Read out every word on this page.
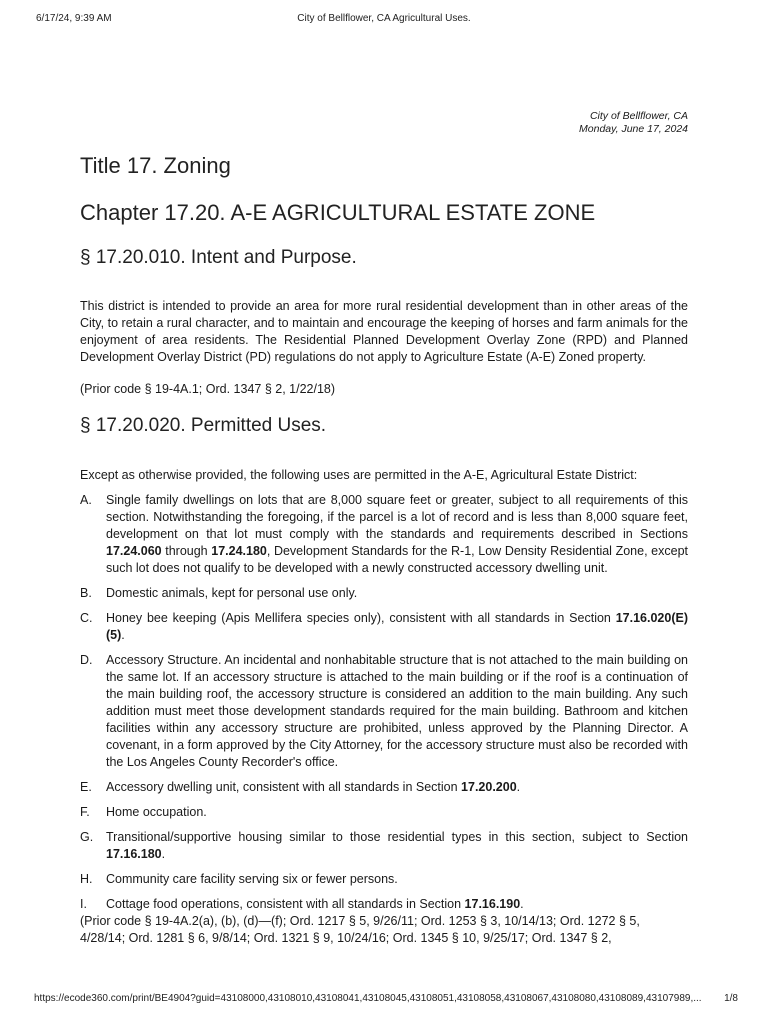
6/17/24, 9:39 AM	City of Bellflower, CA Agricultural Uses.
City of Bellflower, CA
Monday, June 17, 2024
Title 17. Zoning
Chapter 17.20. A-E AGRICULTURAL ESTATE ZONE
§ 17.20.010. Intent and Purpose.
This district is intended to provide an area for more rural residential development than in other areas of the City, to retain a rural character, and to maintain and encourage the keeping of horses and farm animals for the enjoyment of area residents. The Residential Planned Development Overlay Zone (RPD) and Planned Development Overlay District (PD) regulations do not apply to Agriculture Estate (A-E) Zoned property.
(Prior code § 19-4A.1; Ord. 1347 § 2, 1/22/18)
§ 17.20.020. Permitted Uses.
Except as otherwise provided, the following uses are permitted in the A-E, Agricultural Estate District:
A. Single family dwellings on lots that are 8,000 square feet or greater, subject to all requirements of this section. Notwithstanding the foregoing, if the parcel is a lot of record and is less than 8,000 square feet, development on that lot must comply with the standards and requirements described in Sections 17.24.060 through 17.24.180, Development Standards for the R-1, Low Density Residential Zone, except such lot does not qualify to be developed with a newly constructed accessory dwelling unit.
B. Domestic animals, kept for personal use only.
C. Honey bee keeping (Apis Mellifera species only), consistent with all standards in Section 17.16.020(E)(5).
D. Accessory Structure. An incidental and nonhabitable structure that is not attached to the main building on the same lot. If an accessory structure is attached to the main building or if the roof is a continuation of the main building roof, the accessory structure is considered an addition to the main building. Any such addition must meet those development standards required for the main building. Bathroom and kitchen facilities within any accessory structure are prohibited, unless approved by the Planning Director. A covenant, in a form approved by the City Attorney, for the accessory structure must also be recorded with the Los Angeles County Recorder's office.
E. Accessory dwelling unit, consistent with all standards in Section 17.20.200.
F. Home occupation.
G. Transitional/supportive housing similar to those residential types in this section, subject to Section 17.16.180.
H. Community care facility serving six or fewer persons.
I. Cottage food operations, consistent with all standards in Section 17.16.190.
(Prior code § 19-4A.2(a), (b), (d)—(f); Ord. 1217 § 5, 9/26/11; Ord. 1253 § 3, 10/14/13; Ord. 1272 § 5, 4/28/14; Ord. 1281 § 6, 9/8/14; Ord. 1321 § 9, 10/24/16; Ord. 1345 § 10, 9/25/17; Ord. 1347 § 2,
https://ecode360.com/print/BE4904?guid=43108000,43108010,43108041,43108045,43108051,43108058,43108067,43108080,43108089,43107989,... 1/8
